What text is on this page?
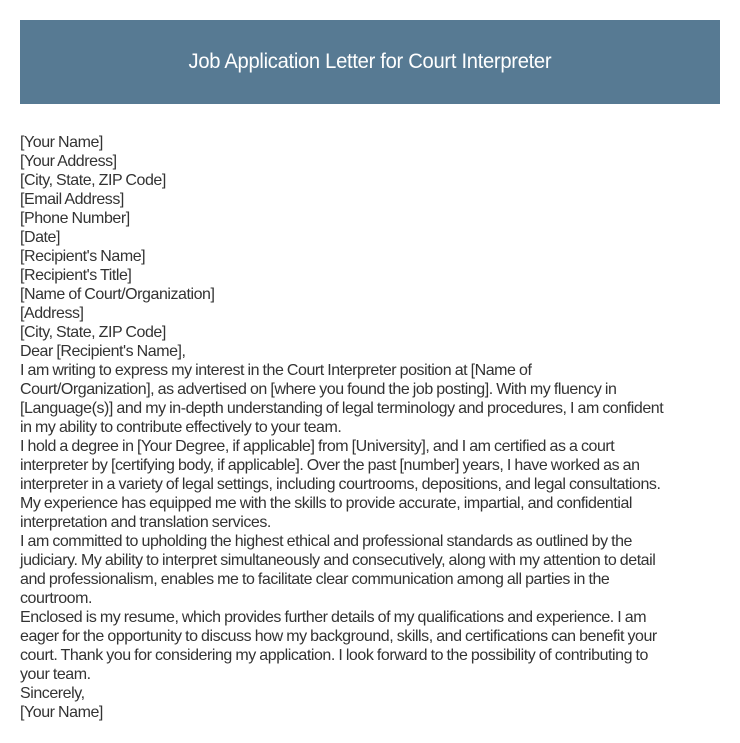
Job Application Letter for Court Interpreter

[Your Name]

[Your Address]

[City, State, ZIP Code]

[Email Address]

[Phone Number]

[Date]

[Recipient's Name]

[Recipient's Title]

[Name of Court/Organization]

[Address]

[City, State, ZIP Code]

Dear [Recipient's Name],

I am writing to express my interest in the Court Interpreter position at [Name of

Court/Organization], as advertised on [where you found the job posting]. With my fluency in

[Language(s)] and my in-depth understanding of legal terminology and procedures, I am confident

in my ability to contribute effectively to your team.

I hold a degree in [Your Degree, if applicable] from [University], and I am certified as a court

interpreter by [certifying body, if applicable]. Over the past [number] years, I have worked as an

interpreter in a variety of legal settings, including courtrooms, depositions, and legal consultations.

My experience has equipped me with the skills to provide accurate, impartial, and confidential

interpretation and translation services.

I am committed to upholding the highest ethical and professional standards as outlined by the

judiciary. My ability to interpret simultaneously and consecutively, along with my attention to detail

and professionalism, enables me to facilitate clear communication among all parties in the

courtroom.

Enclosed is my resume, which provides further details of my qualifications and experience. I am

eager for the opportunity to discuss how my background, skills, and certifications can benefit your

court. Thank you for considering my application. I look forward to the possibility of contributing to

your team.

Sincerely,

[Your Name]
